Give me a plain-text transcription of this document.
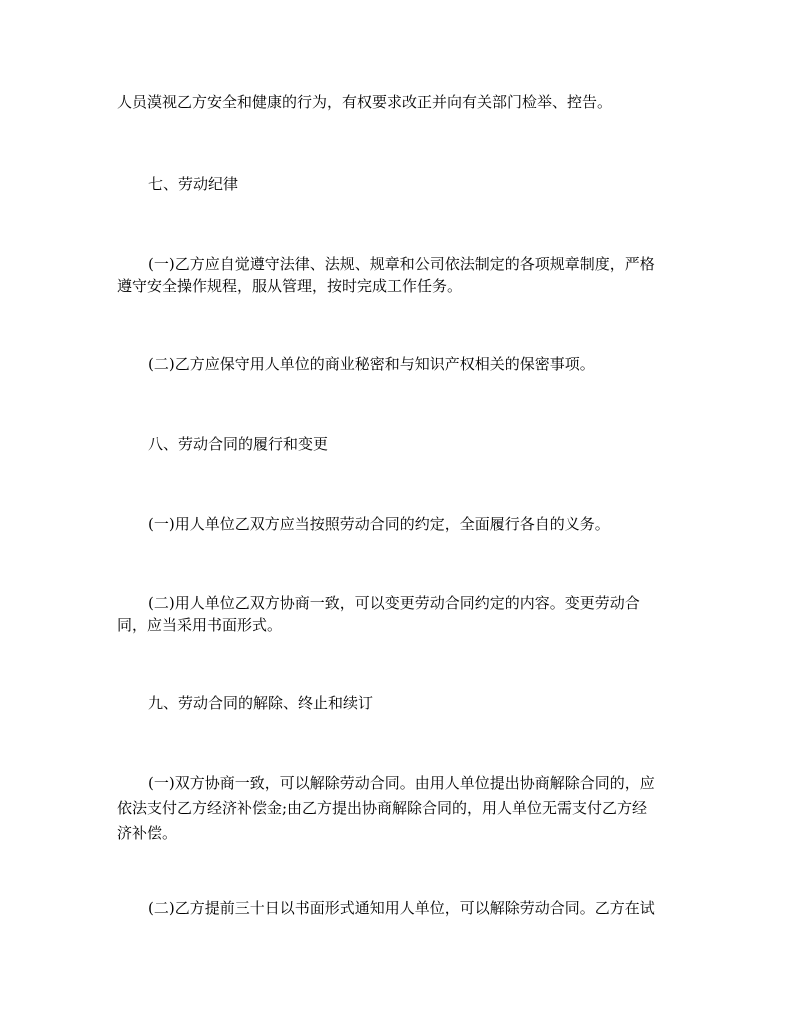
人员漠视乙方安全和健康的行为，有权要求改正并向有关部门检举、控告。
七、劳动纪律
(一)乙方应自觉遵守法律、法规、规章和公司依法制定的各项规章制度，严格
遵守安全操作规程，服从管理，按时完成工作任务。
(二)乙方应保守用人单位的商业秘密和与知识产权相关的保密事项。
八、劳动合同的履行和变更
(一)用人单位乙双方应当按照劳动合同的约定，全面履行各自的义务。
(二)用人单位乙双方协商一致，可以变更劳动合同约定的内容。变更劳动合
同，应当采用书面形式。
九、劳动合同的解除、终止和续订
(一)双方协商一致，可以解除劳动合同。由用人单位提出协商解除合同的，应
依法支付乙方经济补偿金;由乙方提出协商解除合同的，用人单位无需支付乙方经
济补偿。
(二)乙方提前三十日以书面形式通知用人单位，可以解除劳动合同。乙方在试
